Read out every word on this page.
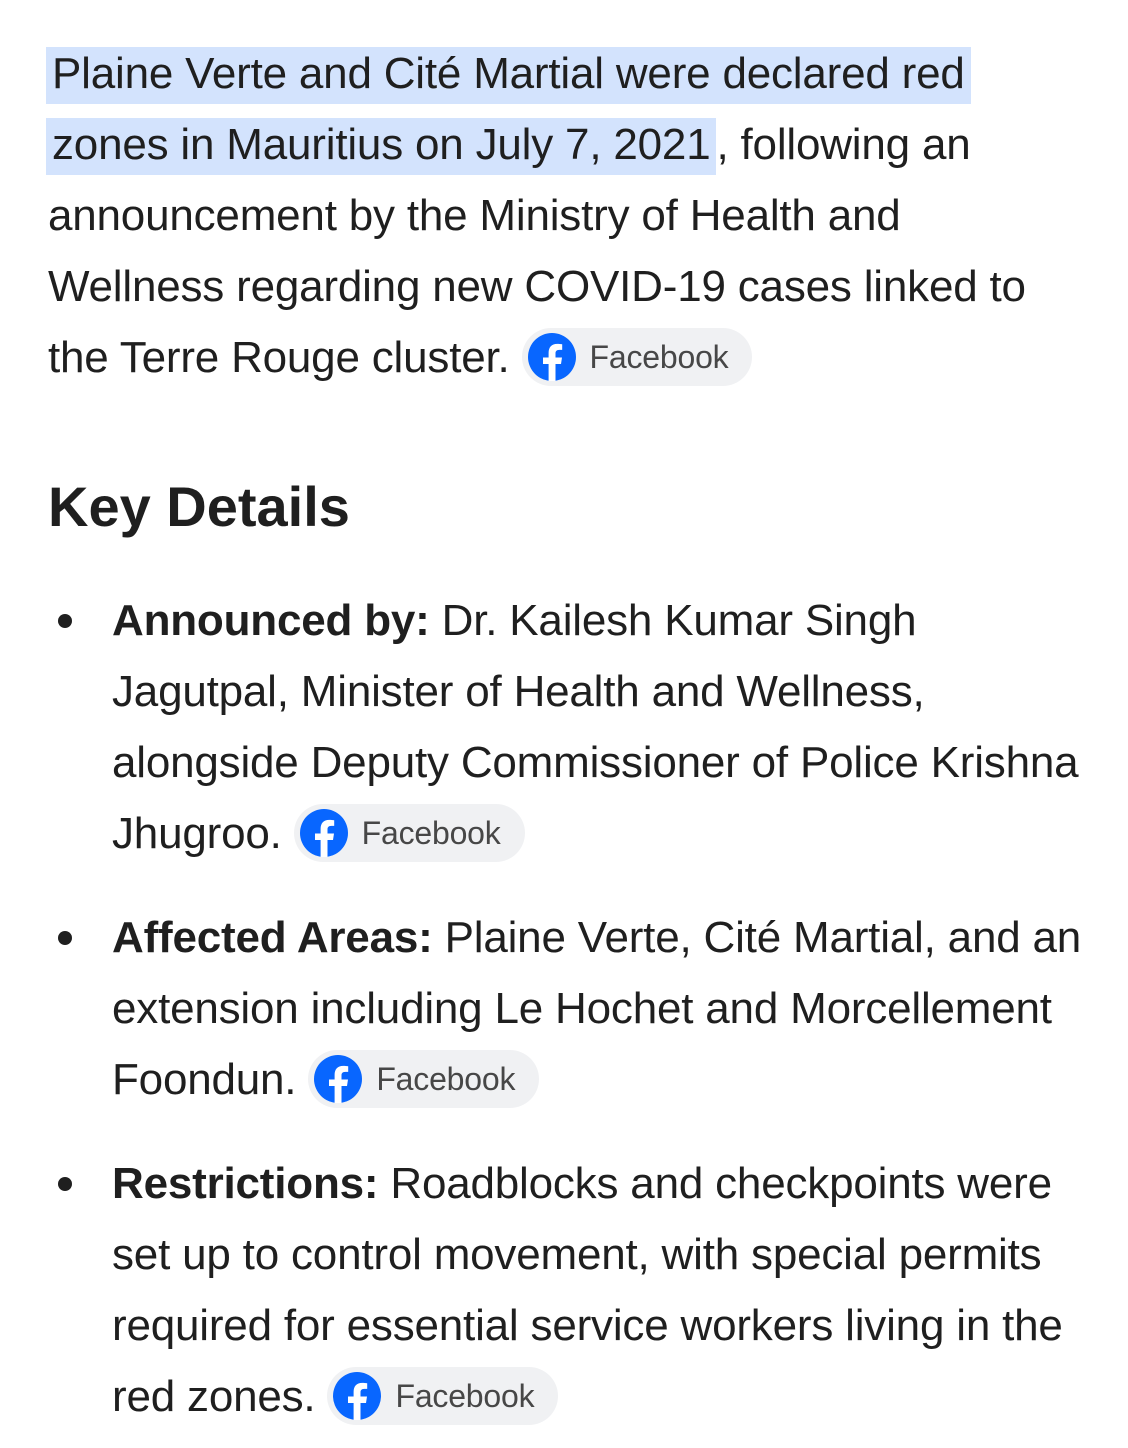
Plaine Verte and Cité Martial were declared red zones in Mauritius on July 7, 2021 , following an announcement by the Ministry of Health and Wellness regarding new COVID-19 cases linked to the Terre Rouge cluster.	Facebook

Key Details
Announced by: Dr. Kailesh Kumar Singh Jagutpal, Minister of Health and Wellness, alongside Deputy Commissioner of Police Krishna Jhugroo.	Facebook
Affected Areas: Plaine Verte, Cité Martial, and an extension including Le Hochet and Morcellement Foondun.	Facebook
Restrictions: Roadblocks and checkpoints were set up to control movement, with special permits required for essential service workers living in the red zones.	Facebook
